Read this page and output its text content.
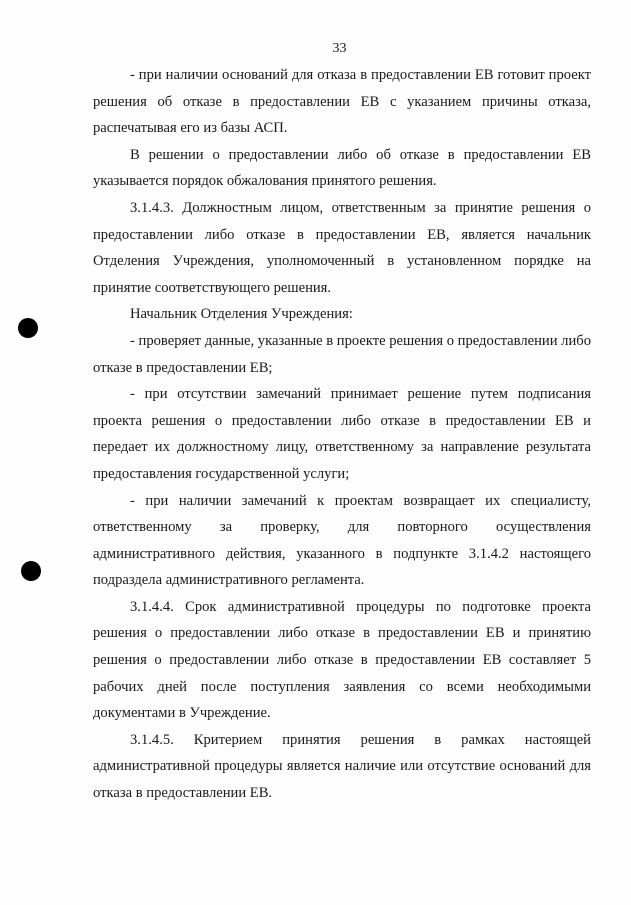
33

- при наличии оснований для отказа в предоставлении ЕВ готовит проект решения об отказе в предоставлении ЕВ с указанием причины отказа, распечатывая его из базы АСП.

В решении о предоставлении либо об отказе в предоставлении ЕВ указывается порядок обжалования принятого решения.

3.1.4.3. Должностным лицом, ответственным за принятие решения о предоставлении либо отказе в предоставлении ЕВ, является начальник Отделения Учреждения, уполномоченный в установленном порядке на принятие соответствующего решения.

Начальник Отделения Учреждения:

- проверяет данные, указанные в проекте решения о предоставлении либо отказе в предоставлении ЕВ;

- при отсутствии замечаний принимает решение путем подписания проекта решения о предоставлении либо отказе в предоставлении ЕВ и передает их должностному лицу, ответственному за направление результата предоставления государственной услуги;

- при наличии замечаний к проектам возвращает их специалисту, ответственному за проверку, для повторного осуществления административного действия, указанного в подпункте 3.1.4.2 настоящего подраздела административного регламента.

3.1.4.4. Срок административной процедуры по подготовке проекта решения о предоставлении либо отказе в предоставлении ЕВ и принятию решения о предоставлении либо отказе в предоставлении ЕВ составляет 5 рабочих дней после поступления заявления со всеми необходимыми документами в Учреждение.

3.1.4.5. Критерием принятия решения в рамках настоящей административной процедуры является наличие или отсутствие оснований для отказа в предоставлении ЕВ.
